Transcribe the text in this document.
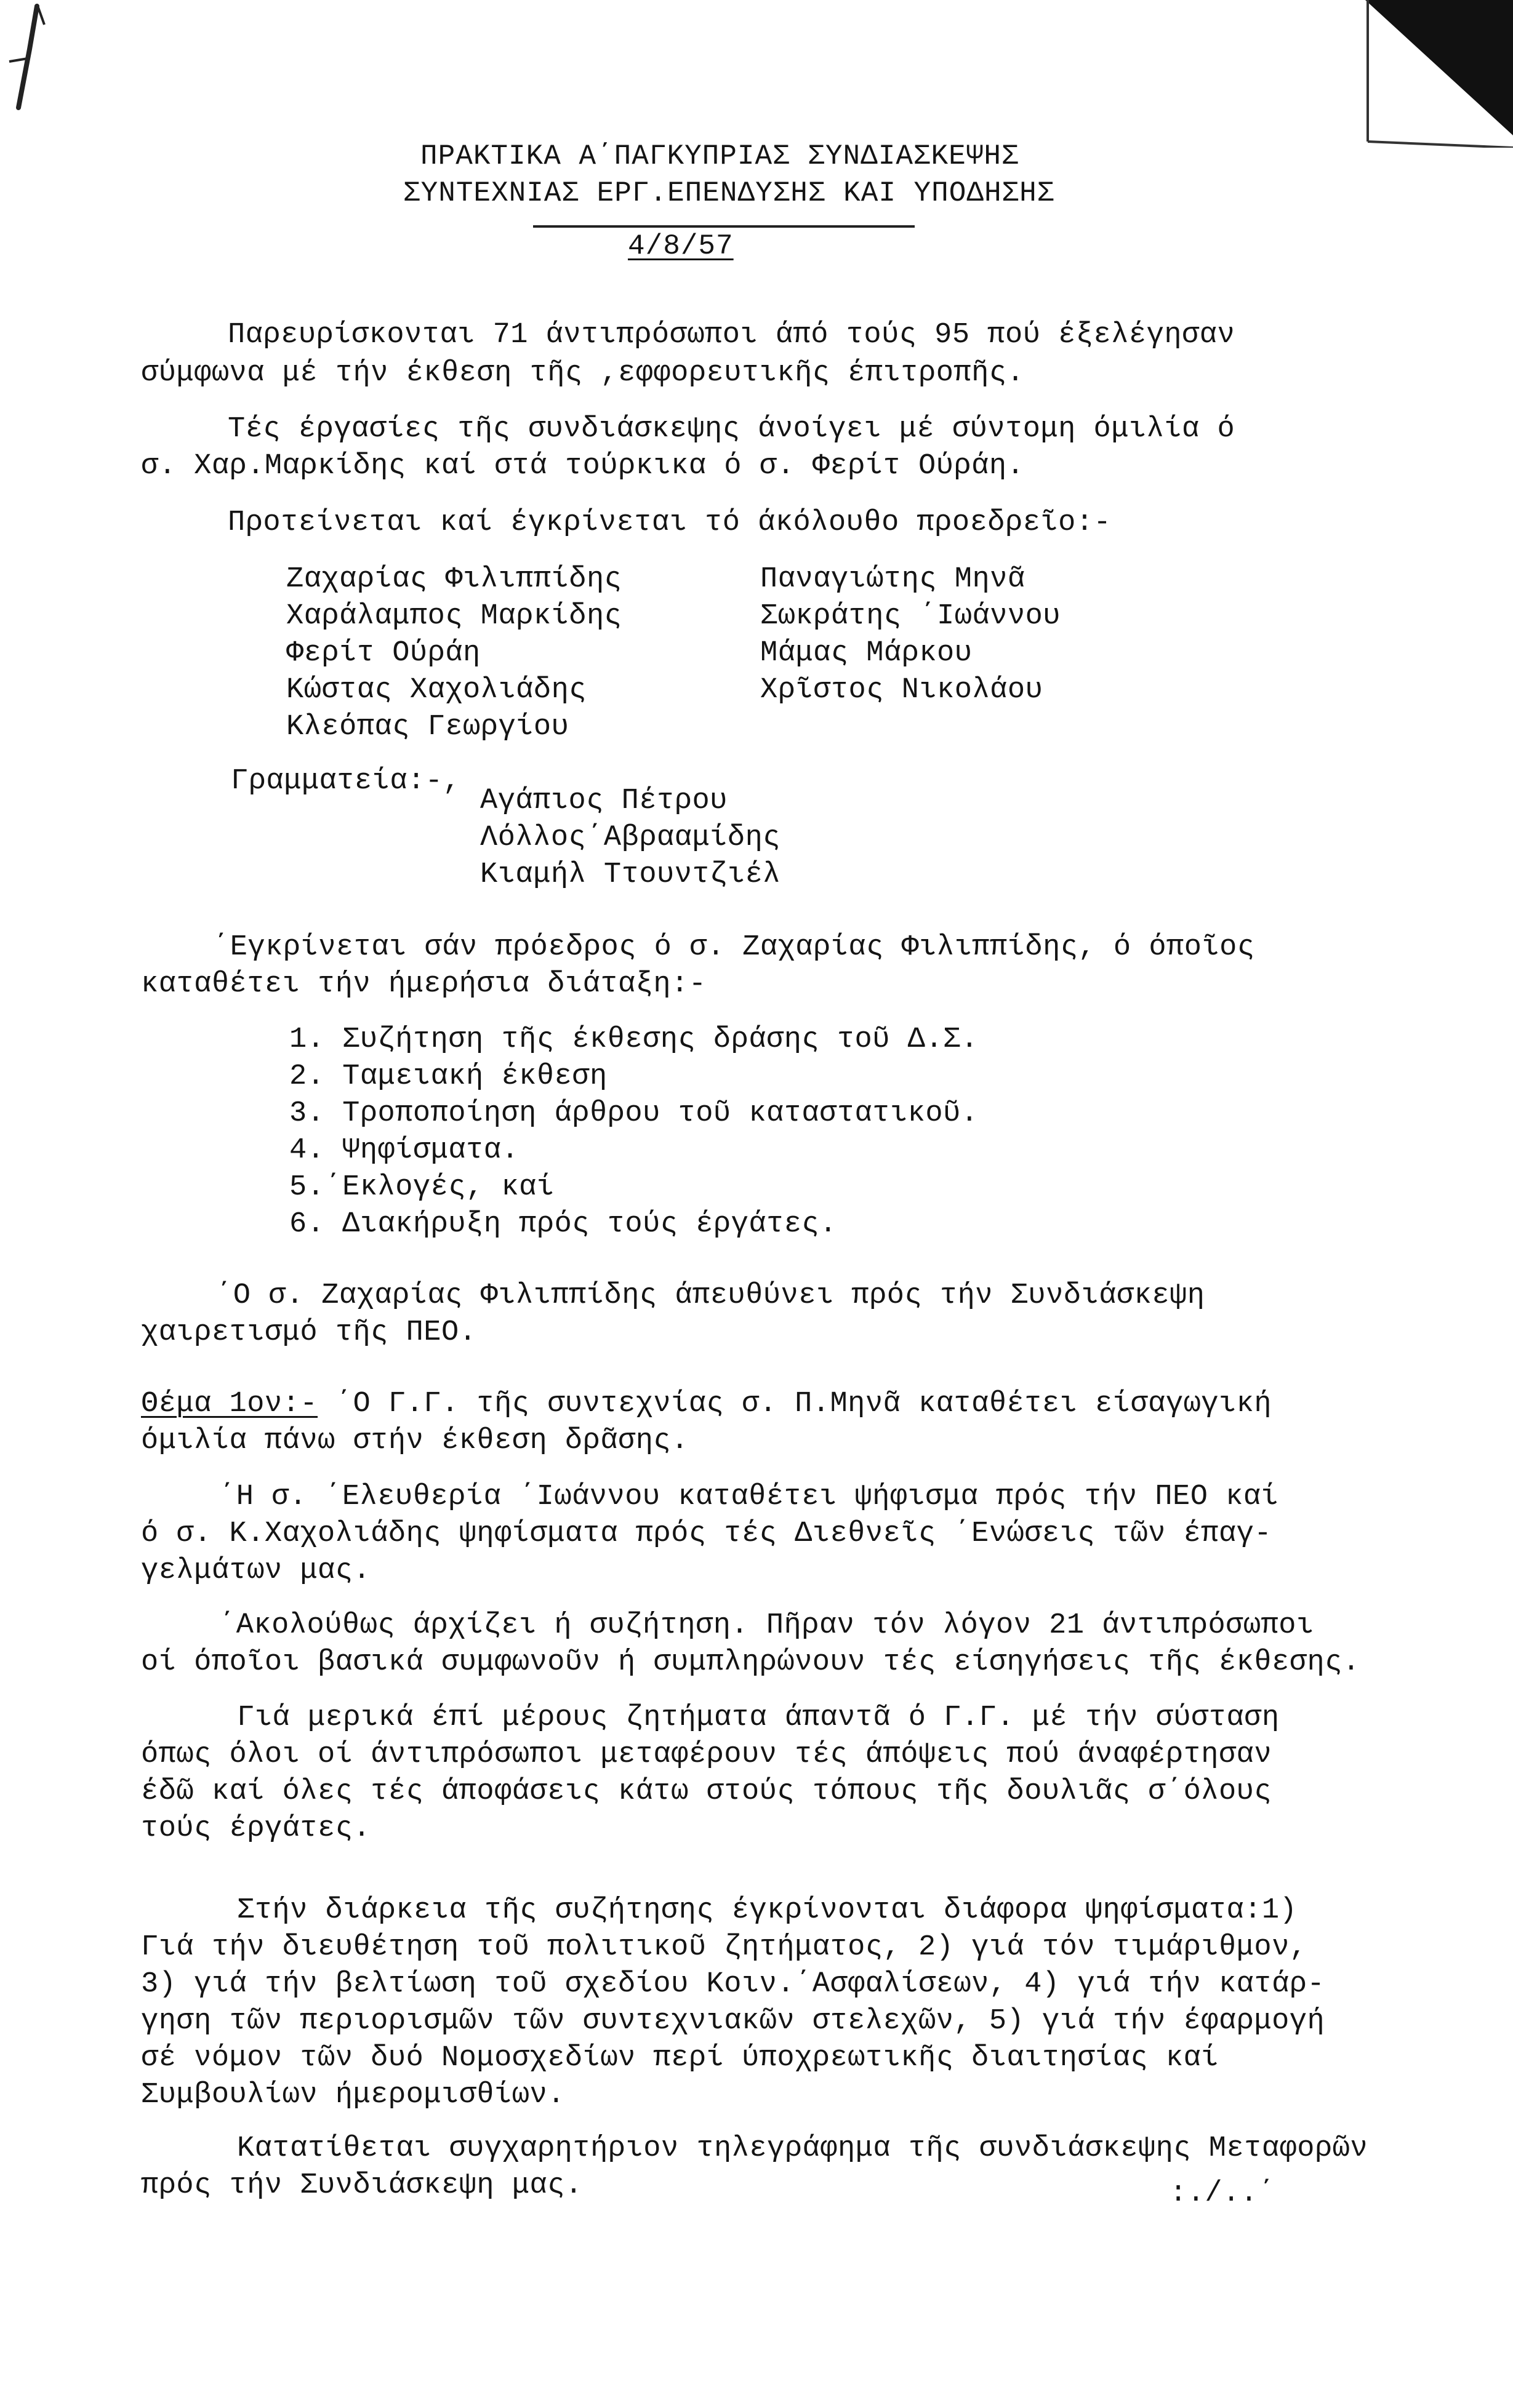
ΠΡΑΚΤΙΚΑ Α΄ΠΑΓΚΥΠΡΙΑΣ ΣΥΝΔΙΑΣΚΕΨΗΣ
ΣΥΝΤΕΧΝΙΑΣ ΕΡΓ.ΕΠΕΝΔΥΣΗΣ ΚΑΙ ΥΠΟΔΗΣΗΣ
4/8/57
Παρευρίσκονται 71 άντιπρόσωποι άπό τούς 95 πού έξελέγησαν
σύμφωνα μέ τήν έκθεση τῆς ,εφφορευτικῆς έπιτροπῆς.
Τές έργασίες τῆς συνδιάσκεψης άνοίγει μέ σύντομη όμιλία ό
σ. Χαρ.Μαρκίδης καί στά τούρκικα ό σ. Φερίτ Ούράη.
Προτείνεται καί έγκρίνεται τό άκόλουθο προεδρεῖο:-
Ζαχαρίας Φιλιππίδης
Χαράλαμπος Μαρκίδης
Φερίτ Ούράη
Κώστας Χαχολιάδης
Κλεόπας Γεωργίου
Παναγιώτης Μηνᾶ
Σωκράτης ΄Ιωάννου
Μάμας Μάρκου
Χρῖστος Νικολάου
Γραμματεία:-,
Αγάπιος Πέτρου
Λόλλος΄Αβρααμίδης
Κιαμήλ Ττουντζιέλ
΄Εγκρίνεται σάν πρόεδρος ό σ. Ζαχαρίας Φιλιππίδης, ό όποῖος
καταθέτει τήν ήμερήσια διάταξη:-
1. Συζήτηση τῆς έκθεσης δράσης τοῦ Δ.Σ.
2. Ταμειακή έκθεση
3. Τροποποίηση άρθρου τοῦ καταστατικοῦ.
4. Ψηφίσματα.
5.΄Εκλογές, καί
6. Διακήρυξη πρός τούς έργάτες.
΄Ο σ. Ζαχαρίας Φιλιππίδης άπευθύνει πρός τήν Συνδιάσκεψη
χαιρετισμό τῆς ΠΕΟ.
Θέμα 1ον:- ΄Ο Γ.Γ. τῆς συντεχνίας σ. Π.Μηνᾶ καταθέτει είσαγωγική
όμιλία πάνω στήν έκθεση δρᾶσης.
΄Η σ. ΄Ελευθερία ΄Ιωάννου καταθέτει ψήφισμα πρός τήν ΠΕΟ καί
ό σ. Κ.Χαχολιάδης ψηφίσματα πρός τές Διεθνεῖς ΄Ενώσεις τῶν έπαγ-
γελμάτων μας.
΄Ακολούθως άρχίζει ή συζήτηση. Πῆραν τόν λόγον 21 άντιπρόσωποι
οί όποῖοι βασικά συμφωνοῦν ή συμπληρώνουν τές είσηγήσεις τῆς έκθεσης.
Γιά μερικά έπί μέρους ζητήματα άπαντᾶ ό Γ.Γ. μέ τήν σύσταση
όπως όλοι οί άντιπρόσωποι μεταφέρουν τές άπόψεις πού άναφέρτησαν
έδῶ καί όλες τές άποφάσεις κάτω στούς τόπους τῆς δουλιᾶς σ΄όλους
τούς έργάτες.
Στήν διάρκεια τῆς συζήτησης έγκρίνονται διάφορα ψηφίσματα:1)
Γιά τήν διευθέτηση τοῦ πολιτικοῦ ζητήματος, 2) γιά τόν τιμάριθμον,
3) γιά τήν βελτίωση τοῦ σχεδίου Κοιν.΄Ασφαλίσεων, 4) γιά τήν κατάρ-
γηση τῶν περιορισμῶν τῶν συντεχνιακῶν στελεχῶν, 5) γιά τήν έφαρμογή
σέ νόμον τῶν δυό Νομοσχεδίων περί ύποχρεωτικῆς διαιτησίας καί
Συμβουλίων ήμερομισθίων.
Κατατίθεται συγχαρητήριον τηλεγράφημα τῆς συνδιάσκεψης Μεταφορῶν
πρός τήν Συνδιάσκεψη μας.	:./..΄
